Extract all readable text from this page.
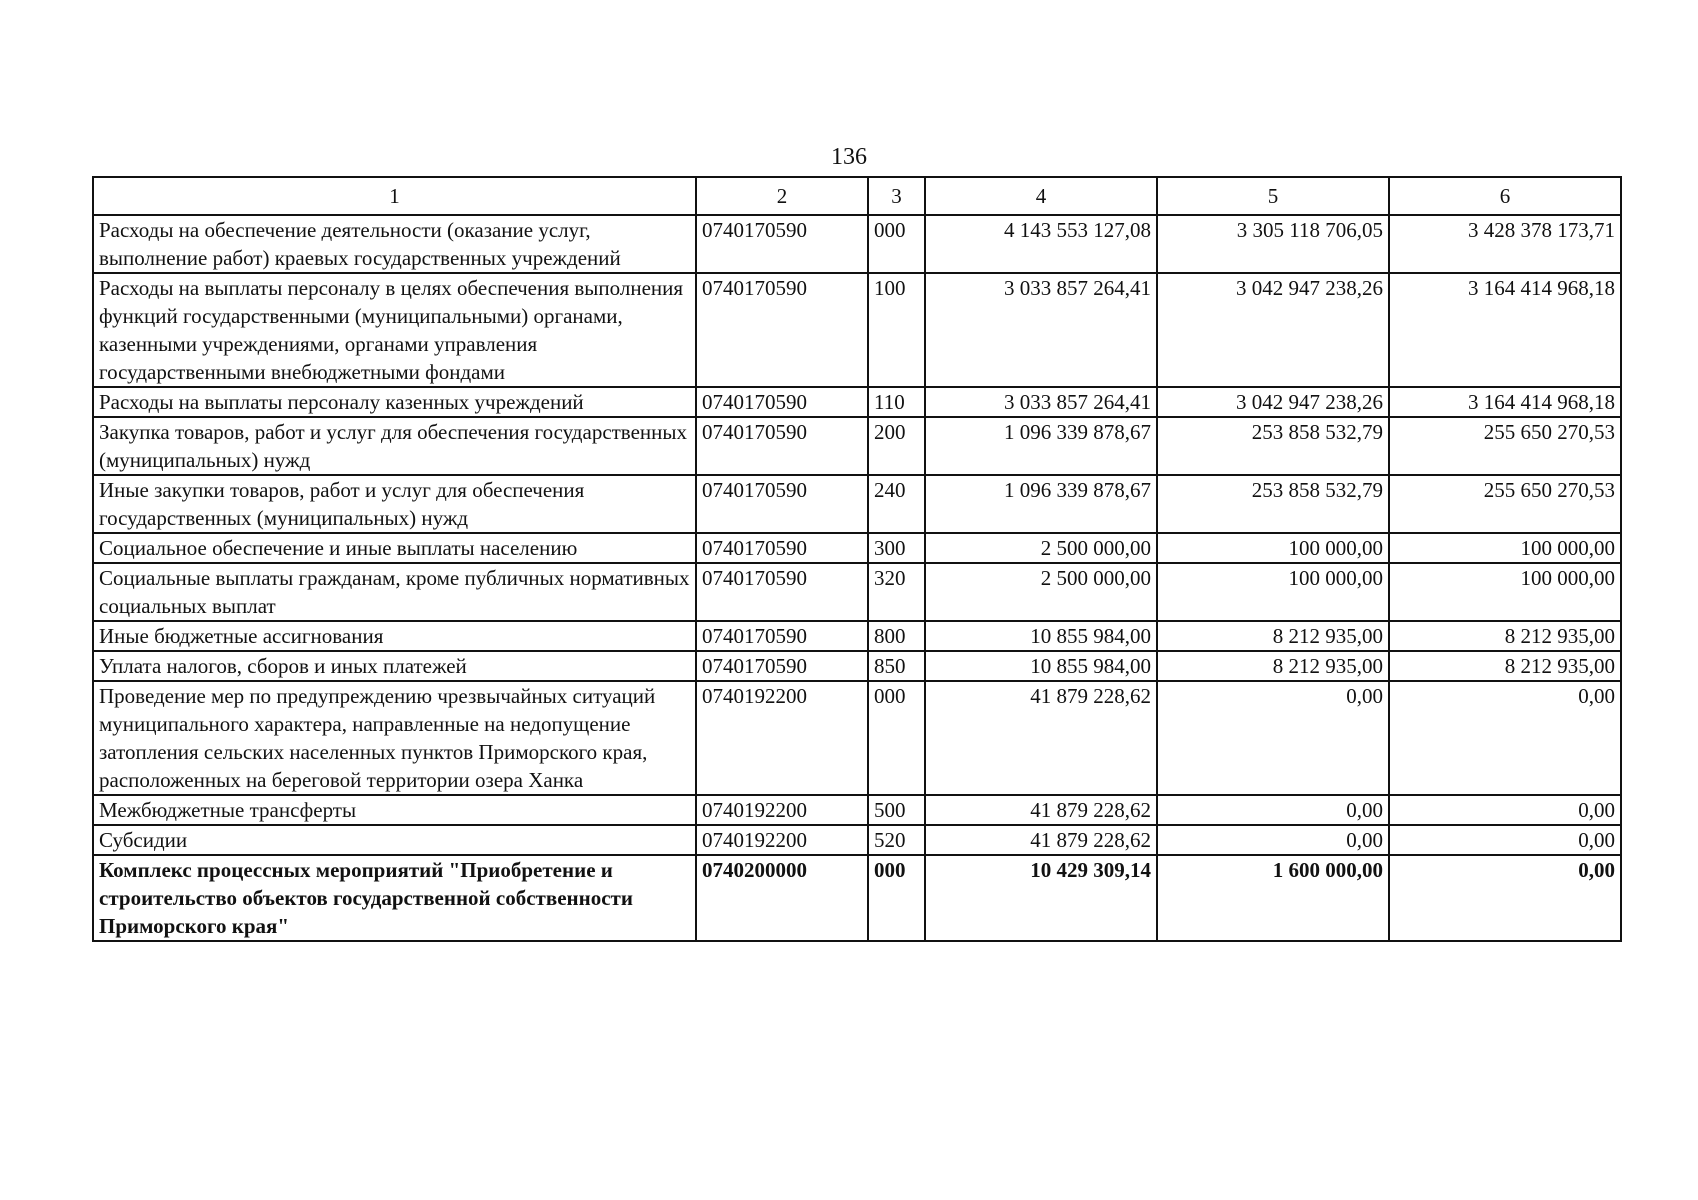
136
1	2	3	4	5	6
Расходы на обеспечение деятельности (оказание услуг, выполнение работ) краевых государственных учреждений	0740170590	000	4 143 553 127,08	3 305 118 706,05	3 428 378 173,71
Расходы на выплаты персоналу в целях обеспечения выполнения функций государственными (муниципальными) органами, казенными учреждениями, органами управления государственными внебюджетными фондами	0740170590	100	3 033 857 264,41	3 042 947 238,26	3 164 414 968,18
Расходы на выплаты персоналу казенных учреждений	0740170590	110	3 033 857 264,41	3 042 947 238,26	3 164 414 968,18
Закупка товаров, работ и услуг для обеспечения государственных (муниципальных) нужд	0740170590	200	1 096 339 878,67	253 858 532,79	255 650 270,53
Иные закупки товаров, работ и услуг для обеспечения государственных (муниципальных) нужд	0740170590	240	1 096 339 878,67	253 858 532,79	255 650 270,53
Социальное обеспечение и иные выплаты населению	0740170590	300	2 500 000,00	100 000,00	100 000,00
Социальные выплаты гражданам, кроме публичных нормативных социальных выплат	0740170590	320	2 500 000,00	100 000,00	100 000,00
Иные бюджетные ассигнования	0740170590	800	10 855 984,00	8 212 935,00	8 212 935,00
Уплата налогов, сборов и иных платежей	0740170590	850	10 855 984,00	8 212 935,00	8 212 935,00
Проведение мер по предупреждению чрезвычайных ситуаций муниципального характера, направленные на недопущение затопления сельских населенных пунктов Приморского края, расположенных на береговой территории озера Ханка	0740192200	000	41 879 228,62	0,00	0,00
Межбюджетные трансферты	0740192200	500	41 879 228,62	0,00	0,00
Субсидии	0740192200	520	41 879 228,62	0,00	0,00
Комплекс процессных мероприятий "Приобретение и строительство объектов государственной собственности Приморского края"	0740200000	000	10 429 309,14	1 600 000,00	0,00
